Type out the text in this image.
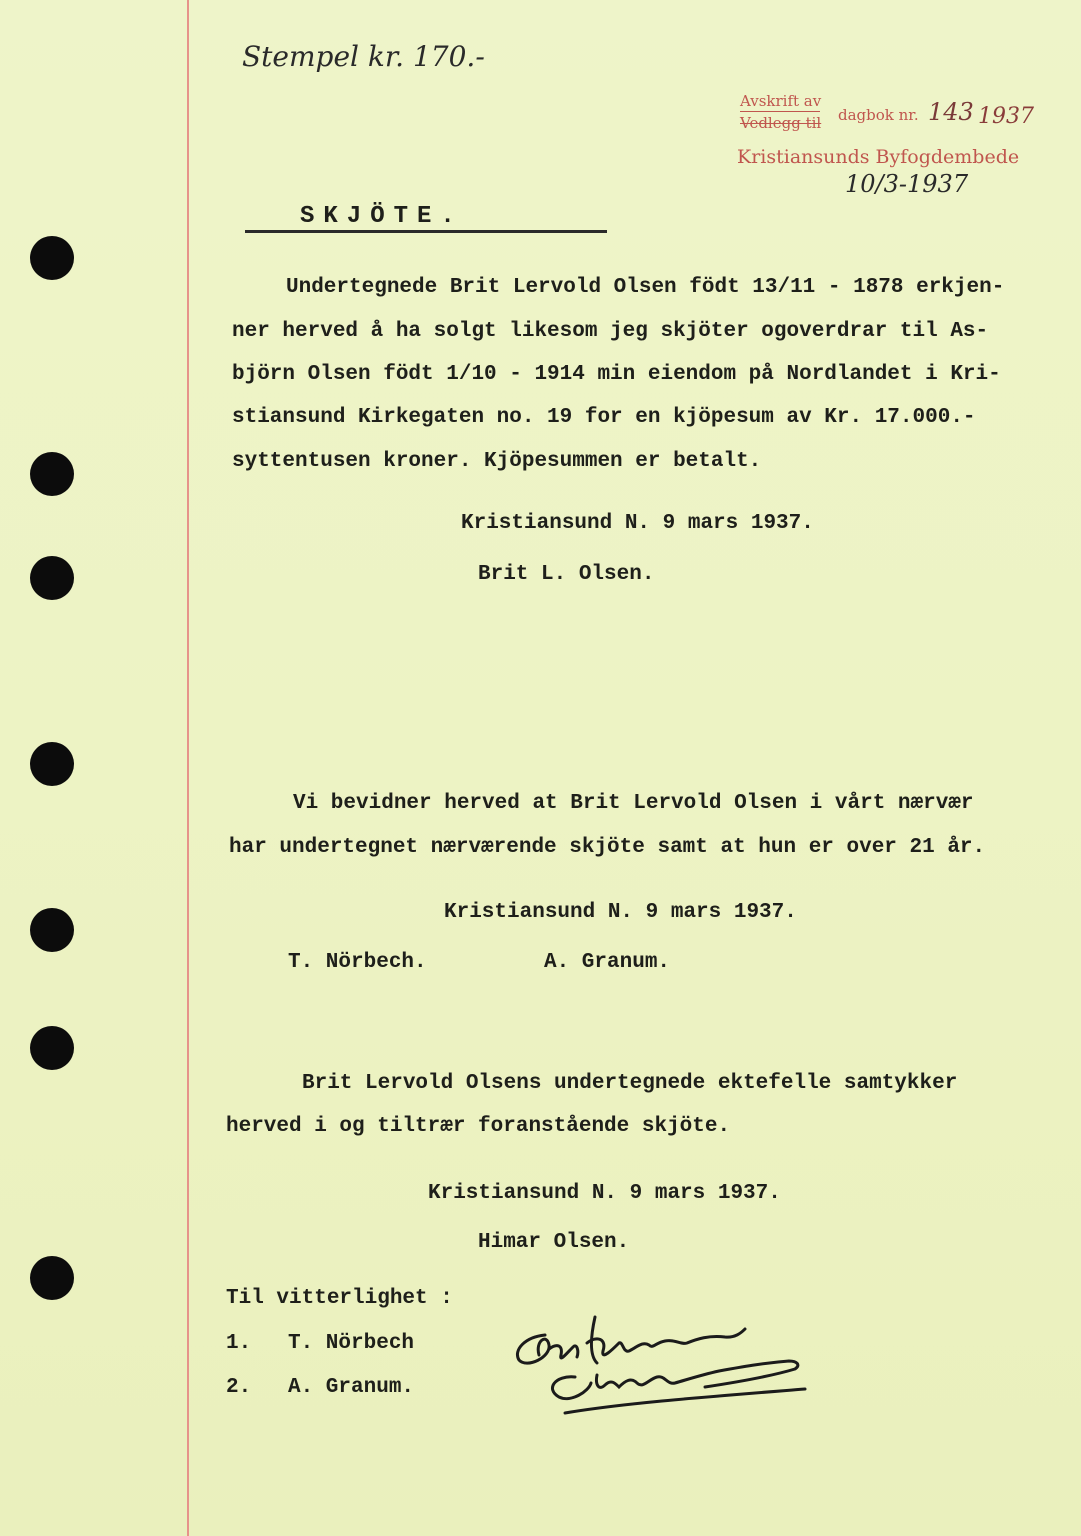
Stempel kr. 170.-
Avskrift av
Vedlegg til dagbok nr. 143 1937
Kristiansunds Byfogdembede
10/3-1937
SKJÖTE.
Undertegnede Brit Lervold Olsen födt 13/11 - 1878 erkjen-
ner herved å ha solgt likesom jeg skjöter ogoverdrar til As-
björn Olsen födt 1/10 - 1914 min eiendom på Nordlandet i Kri-
stiansund Kirkegaten no. 19 for en kjöpesum av Kr. 17.000.-
syttentusen kroner. Kjöpesummen er betalt.
Kristiansund N. 9 mars 1937.
Brit L. Olsen.
Vi bevidner herved at Brit Lervold Olsen i vårt nærvær
har undertegnet nærværende skjöte samt at hun er over 21 år.
Kristiansund N. 9 mars 1937.
T. Nörbech.	A. Granum.
Brit Lervold Olsens undertegnede ektefelle samtykker
herved i og tiltrær foranstående skjöte.
Kristiansund N. 9 mars 1937.
Himar Olsen.
Til vitterlighet :
1. T. Nörbech
2. A. Granum.
